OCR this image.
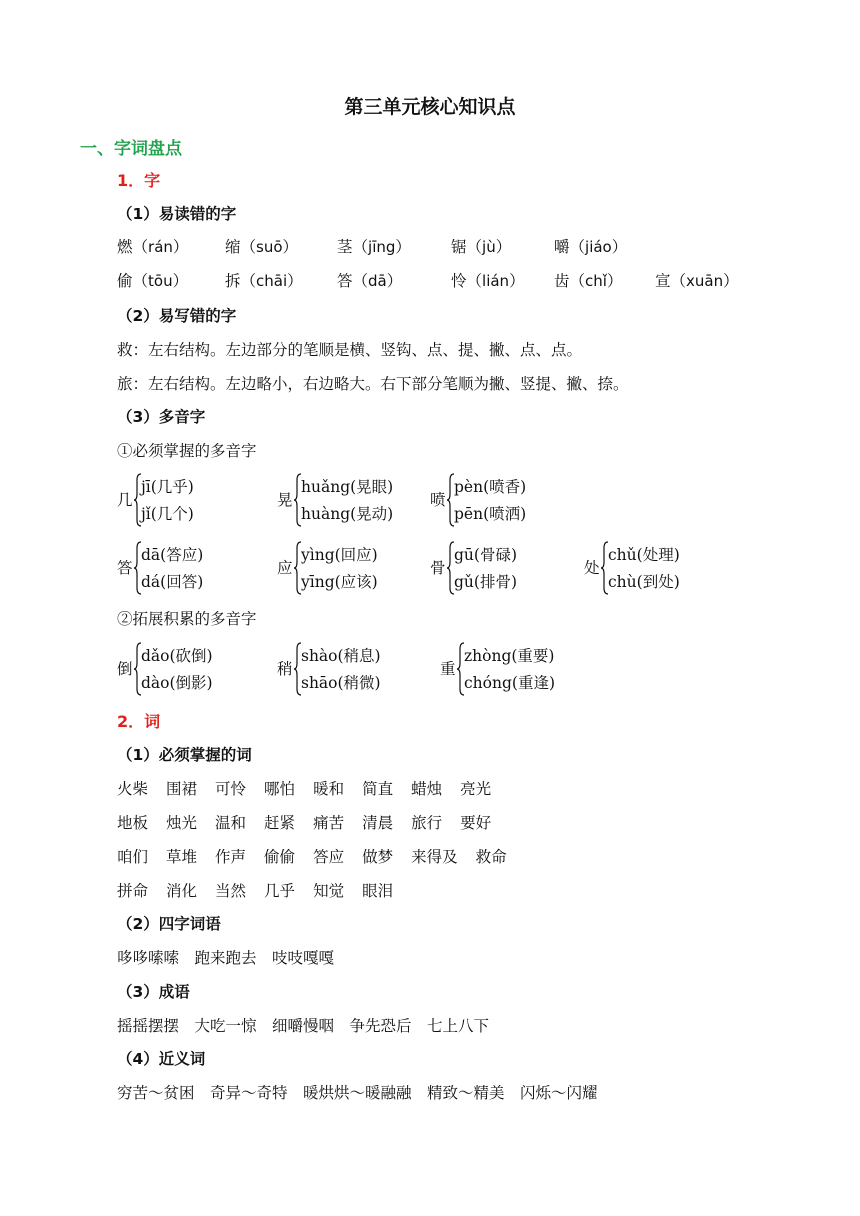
第三单元核心知识点
一、字词盘点
1．字
（1）易读错的字
燃（rán） 缩（suō）	茎（jīng）	锯（jù）	嚼（jiáo）
偷（tōu） 拆（chāi） 答（dā）	怜（lián） 齿（chǐ） 宣（xuān）
（2）易写错的字
救：左右结构。左边部分的笔顺是横、竖钩、点、提、撇、点、点。
旅：左右结构。左边略小，右边略大。右下部分笔顺为撇、竖提、撇、捺。
（3）多音字
①必须掌握的多音字
几
jī(几乎)
jǐ(几个)
晃
huǎng(晃眼)
huàng(晃动)
喷
pèn(喷香)
pēn(喷洒)
答
dā(答应)
dá(回答)
应
yìng(回应)
yīng(应该)
骨
gū(骨碌)
gǔ(排骨)
处
chǔ(处理)
chù(到处)
②拓展积累的多音字
倒
dǎo(砍倒)
dào(倒影)
稍
shào(稍息)
shāo(稍微)
重
zhòng(重要)
chóng(重逢)
2．词
（1）必须掌握的词
火柴 围裙 可怜 哪怕 暖和 简直 蜡烛 亮光
地板 烛光 温和 赶紧 痛苦 清晨 旅行 要好
咱们 草堆 作声 偷偷 答应 做梦 来得及 救命
拼命 消化 当然 几乎 知觉 眼泪
（2）四字词语
哆哆嗦嗦　跑来跑去　吱吱嘎嘎
（3）成语
摇摇摆摆　大吃一惊　细嚼慢咽　争先恐后　七上八下
（4）近义词
穷苦～贫困　奇异～奇特　暖烘烘～暖融融　精致～精美　闪烁～闪耀
